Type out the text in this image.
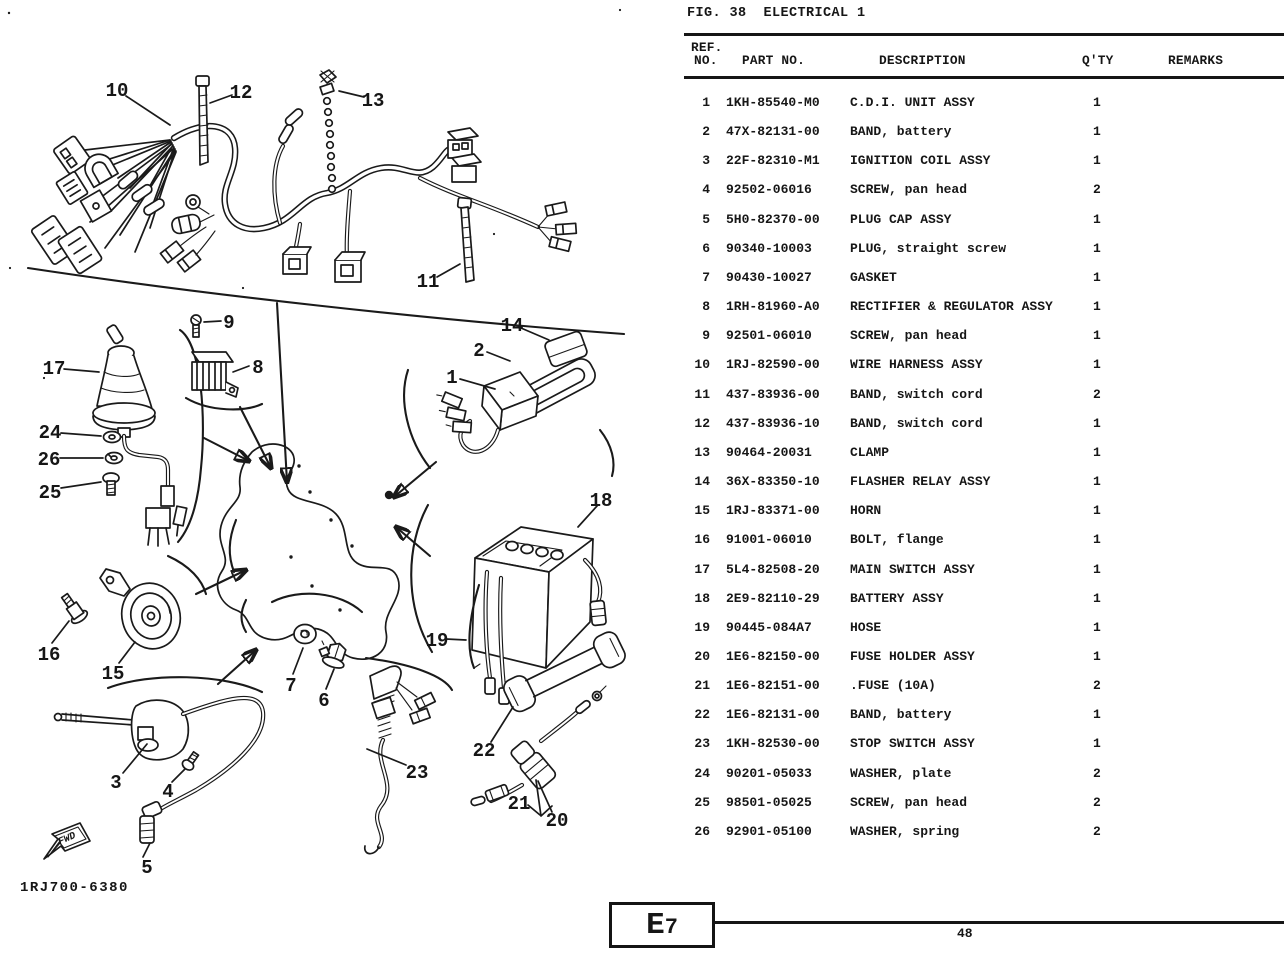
FWD
1RJ700-6380
1
2
3 4
5
6
7
8
9
10
11
12	13
14
15
16
17
18
19
20
21
22
23
24
25
26
FIG. 38  ELECTRICAL 1
REF.
NO. PART NO.	DESCRIPTION	Q'TY	REMARKS
1 1KH-85540-M0 C.D.I. UNIT ASSY	1
2 47X-82131-00 BAND, battery	1
3 22F-82310-M1 IGNITION COIL ASSY	1
4 92502-06016	SCREW, pan head	2
5 5H0-82370-00 PLUG CAP ASSY	1
6 90340-10003	PLUG, straight screw	1
7 90430-10027	GASKET	1
8 1RH-81960-A0 RECTIFIER & REGULATOR ASSY	1
9 92501-06010	SCREW, pan head	1
10 1RJ-82590-00 WIRE HARNESS ASSY	1
11 437-83936-00 BAND, switch cord	2
12 437-83936-10 BAND, switch cord	1
13 90464-20031	CLAMP	1
14 36X-83350-10 FLASHER RELAY ASSY	1
15 1RJ-83371-00 HORN	1
16 91001-06010	BOLT, flange	1
17 5L4-82508-20 MAIN SWITCH ASSY	1
18 2E9-82110-29 BATTERY ASSY	1
19 90445-084A7	HOSE	1
20 1E6-82150-00 FUSE HOLDER ASSY	1
21 1E6-82151-00 .FUSE (10A)	2
22 1E6-82131-00 BAND, battery	1
23 1KH-82530-00 STOP SWITCH ASSY	1
24 90201-05033	WASHER, plate	2
25 98501-05025	SCREW, pan head	2
26 92901-05100	WASHER, spring	2
E 7	48
